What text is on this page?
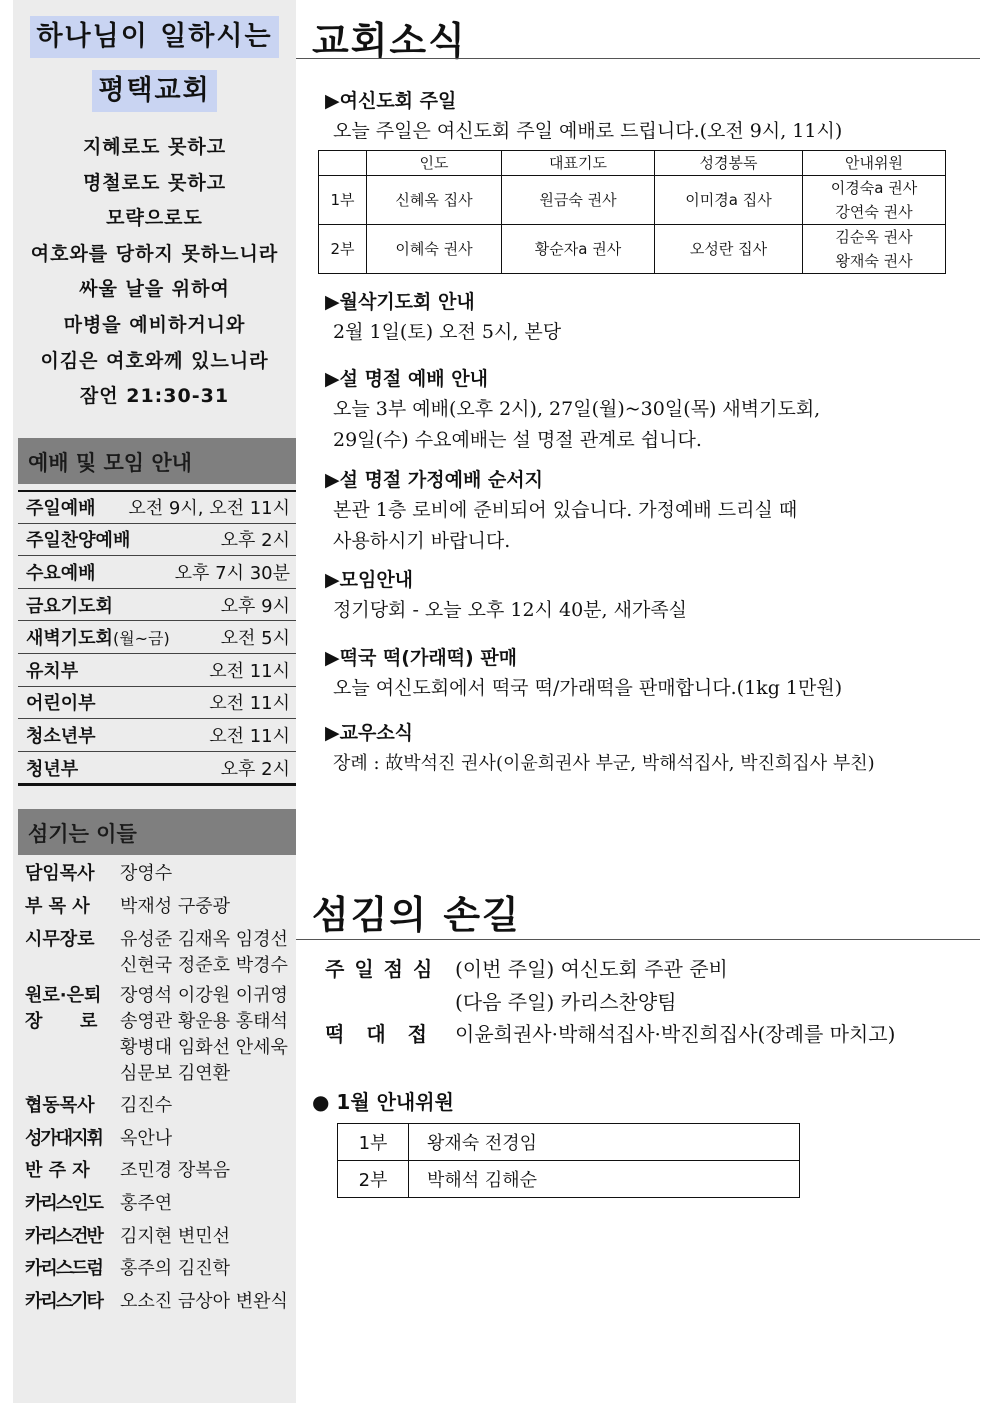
하나님이 일하시는
평택교회
지혜로도 못하고
명철로도 못하고
모략으로도
여호와를 당하지 못하느니라
싸울 날을 위하여
마병을 예비하거니와
이김은 여호와께 있느니라
잠언 21:30-31
예배 및 모임 안내
주일예배 오전 9시, 오전 11시
주일찬양예배	오후 2시
수요예배	오후 7시 30분
금요기도회	오후 9시
새벽기도회(월~금)	오전 5시
유치부	오전 11시
어린이부	오전 11시
청소년부	오전 11시
청년부	오후 2시
섬기는 이들
담임목사	장영수
부 목 사	박재성 구중광
시무장로	유성준 김재옥 임경선
신현국 정준호 박경수
원로·은퇴
장      로
장영석 이강원 이귀영
송영관 황운용 홍태석
황병대 임화선 안세욱
심문보 김연환
협동목사	김진수
성가대지휘	옥안나
반 주 자	조민경 장복음
카리스인도	홍주연
카리스건반	김지현 변민선
카리스드럼	홍주의 김진학
카리스기타	오소진 금상아 변완식
교회소식
▶여신도회 주일
오늘 주일은 여신도회 주일 예배로 드립니다.(오전 9시, 11시)
	인도	대표기도	성경봉독	안내위원
1부	신혜옥 집사	원금숙 권사	이미경a 집사	이경숙a 권사
강연숙 권사

2부	이혜숙 권사	황순자a 권사	오성란 집사	김순옥 권사
왕재숙 권사
▶월삭기도회 안내
2월 1일(토) 오전 5시, 본당
▶설 명절 예배 안내
오늘 3부 예배(오후 2시), 27일(월)~30일(목) 새벽기도회,
29일(수) 수요예배는 설 명절 관계로 쉽니다.
▶설 명절 가정예배 순서지
본관 1층 로비에 준비되어 있습니다. 가정예배 드리실 때
사용하시기 바랍니다.
▶모임안내
정기당회 - 오늘 오후 12시 40분, 새가족실
▶떡국 떡(가래떡) 판매
오늘 여신도회에서 떡국 떡/가래떡을 판매합니다.(1kg 1만원)
▶교우소식
장례 : 故박석진 권사(이윤희권사 부군, 박해석집사, 박진희집사 부친)
섬김의 손길
주일점심 (이번 주일) 여신도회 주관 준비
(다음 주일) 카리스찬양팀
떡대접 이윤희권사·박해석집사·박진희집사(장례를 마치고)
● 1월 안내위원
1부	왕재숙 전경임
2부	박해석 김해순
